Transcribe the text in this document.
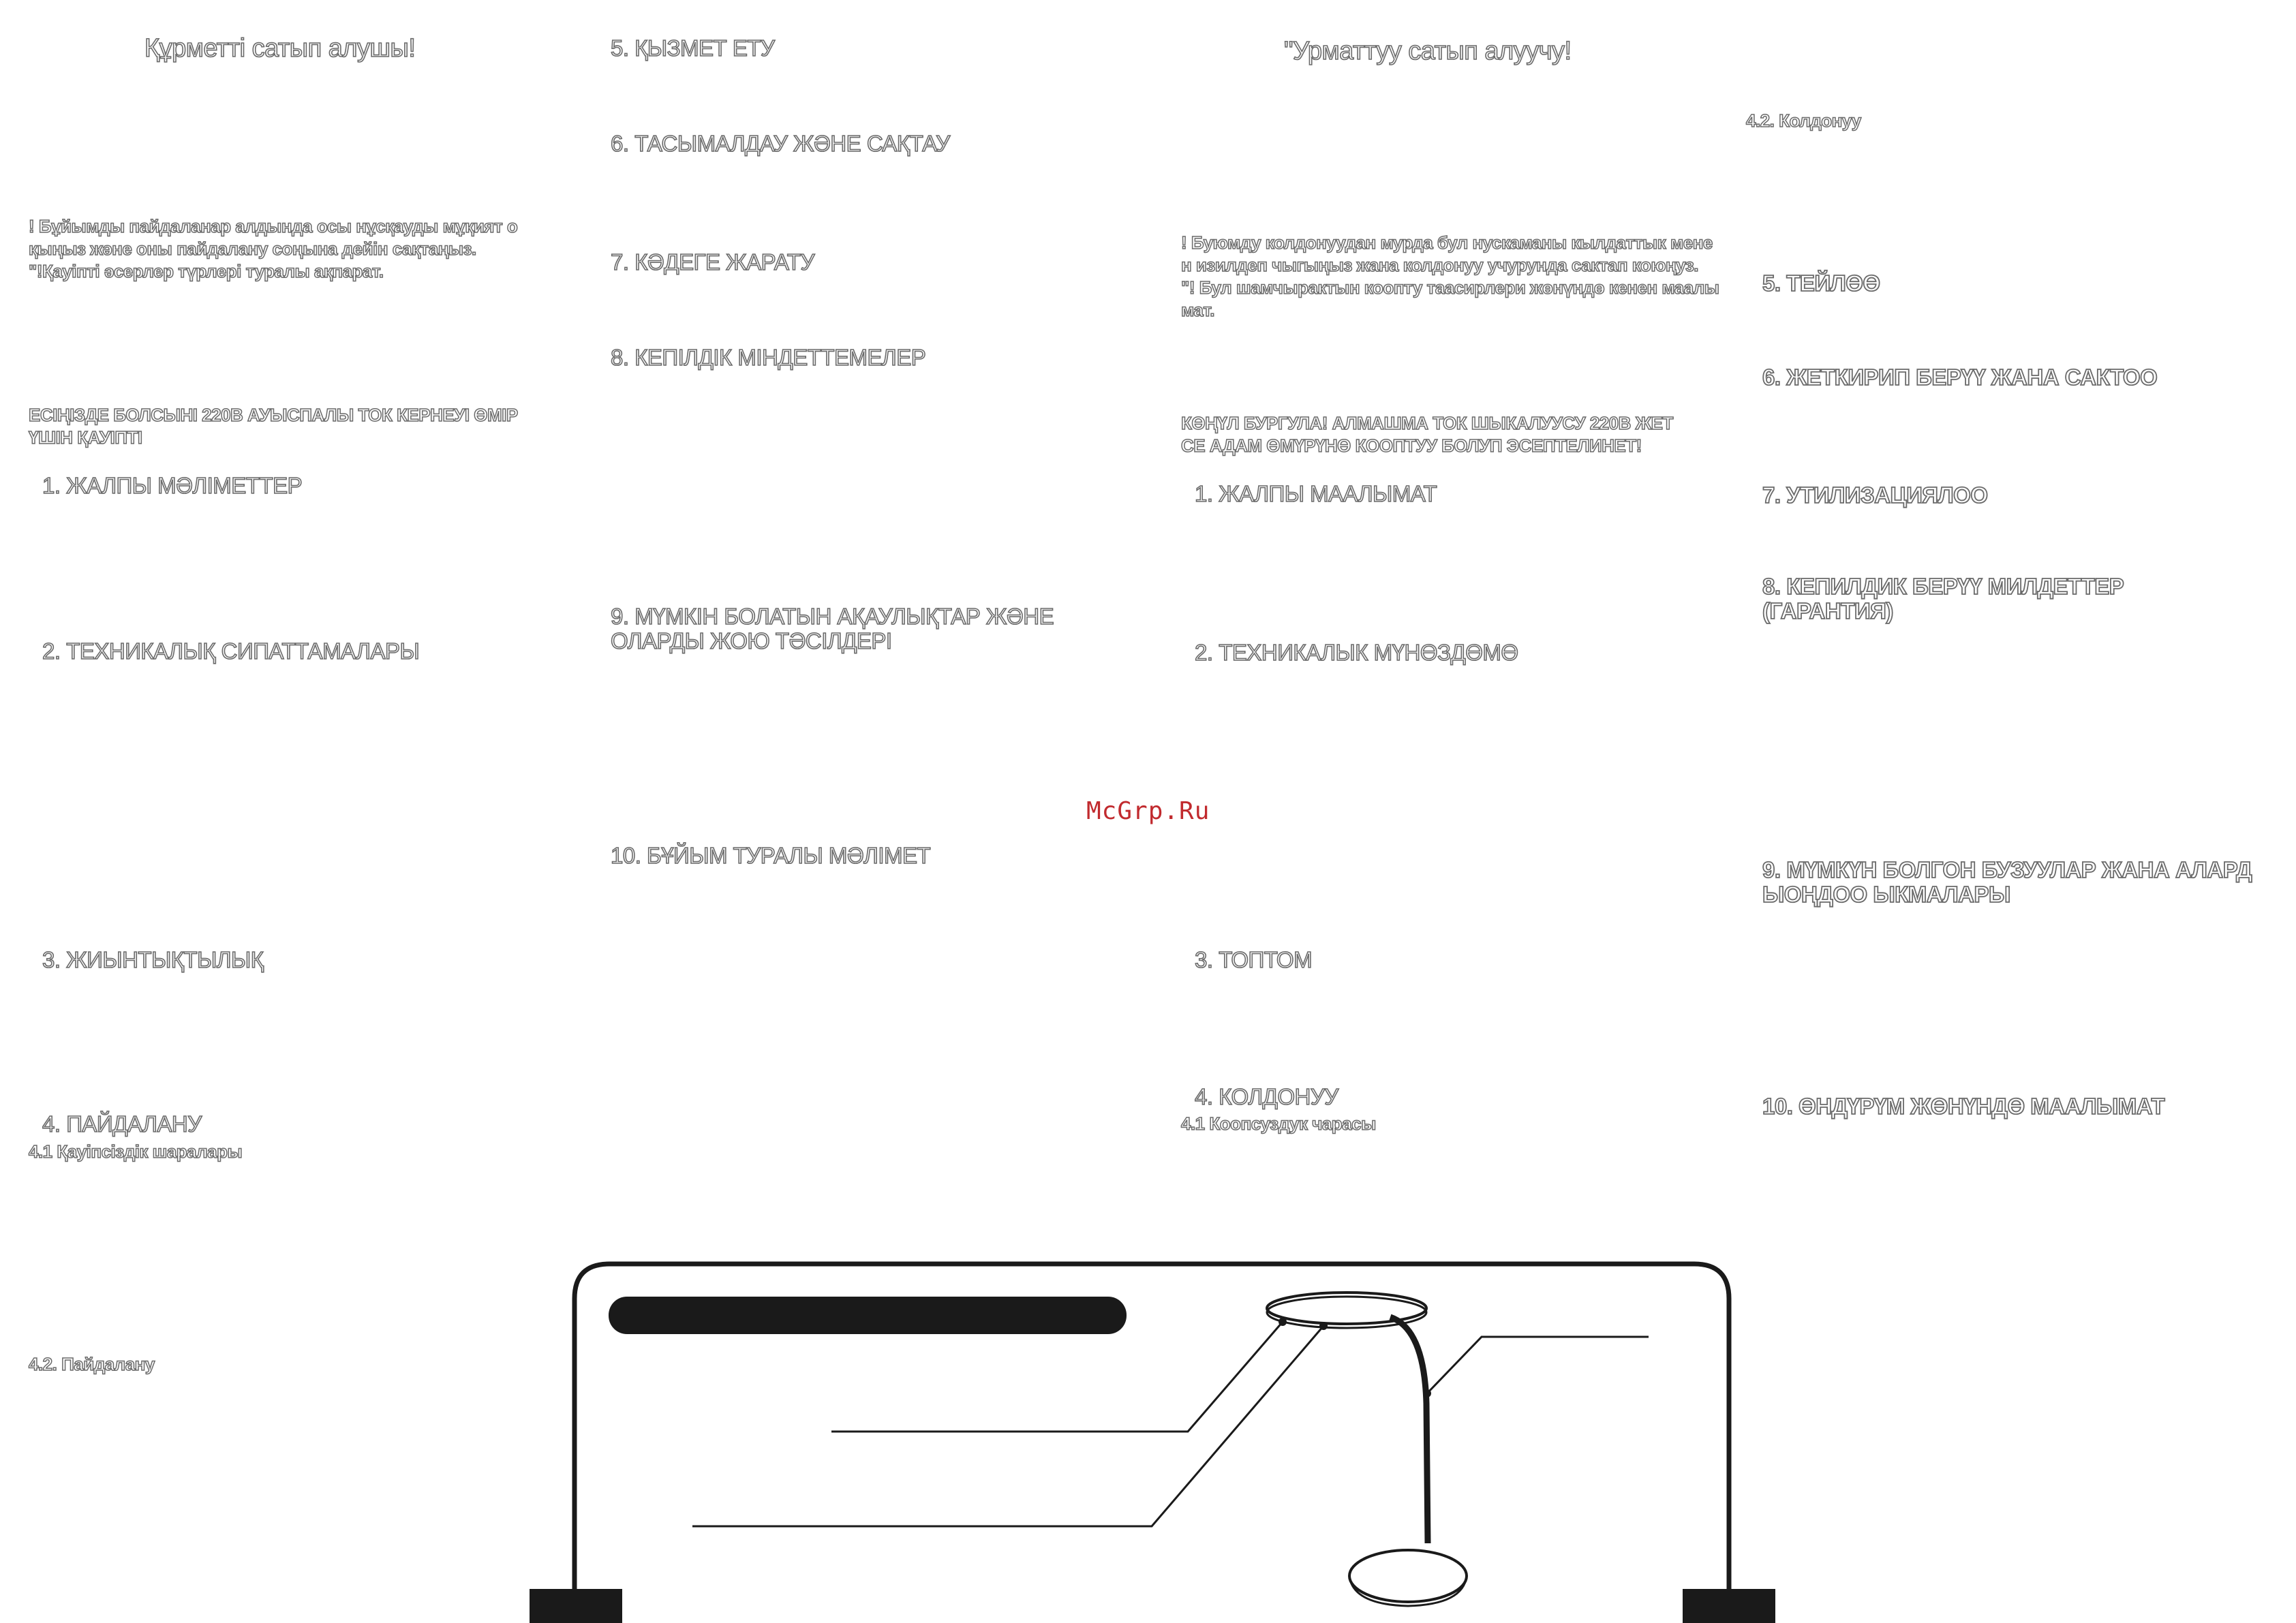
Құрметті сатып алушы!
! Бұйымды пайдаланар алдында осы нұсқауды мұқият о
қыңыз және оны пайдалану соңына дейін сақтаңыз.
"!Қауіпті әсерлер түрлері туралы ақпарат.
ЕСІҢІЗДЕ БОЛСЫНІ 220В АУЫСПАЛЫ ТОК КЕРНЕУІ ӨМІР
ҮШІН ҚАУІПТІ
1. ЖАЛПЫ МӘЛІМЕТТЕР
2. ТЕХНИКАЛЫҚ СИПАТТАМАЛАРЫ
3. ЖИЫНТЫҚТЫЛЫҚ
4. ПАЙДАЛАНУ
4.1 Қауіпсіздік шаралары
4.2. Пайдалану
5. ҚЫЗМЕТ ЕТУ
6. ТАСЫМАЛДАУ ЖӘНЕ САҚТАУ
7. КӘДЕГЕ ЖАРАТУ
8. КЕПІЛДІК МІНДЕТТЕМЕЛЕР
9. МҮМКІН БОЛАТЫН АҚАУЛЫҚТАР ЖӘНЕ
ОЛАРДЫ ЖОЮ ТӘСІЛДЕРІ
10. БҰЙЫМ ТУРАЛЫ МӘЛІМЕТ
"Урматтуу сатып алуучу!
! Буюмду колдонуудан мурда бул нускаманы кылдаттык мене
н изилдеп чыгыңыз жана колдонуу учурунда сактап коюңуз.
"! Бул шамчырактын коопту таасирлери жөнүндө кенен маалы
мат.
КӨҢҮЛ БУРГУЛА! АЛМАШМА ТОК ШЫКАЛУУСУ 220В ЖЕТ
СЕ АДАМ ӨМҮРҮНӨ КООПТУУ БОЛУП ЭСЕПТЕЛИНЕТ!
1. ЖАЛПЫ МААЛЫМАТ
2. ТЕХНИКАЛЫК МҮНӨЗДӨМӨ
3. ТОПТОМ
4. КОЛДОНУУ
4.1 Коопсуздук чарасы
4.2. Колдонуу
5. ТЕЙЛӨӨ
6. ЖЕТКИРИП БЕРҮҮ ЖАНА САКТОО
7. УТИЛИЗАЦИЯЛОО
8. КЕПИЛДИК БЕРҮҮ МИЛДЕТТЕР
(ГАРАНТИЯ)
9. МҮМКҮН БОЛГОН БУЗУУЛАР ЖАНА АЛАРД
ЫОҢДОО ЫКМАЛАРЫ
10. ӨНДҮРҮМ ЖӨНҮНДӨ МААЛЫМАТ
McGrp.Ru
